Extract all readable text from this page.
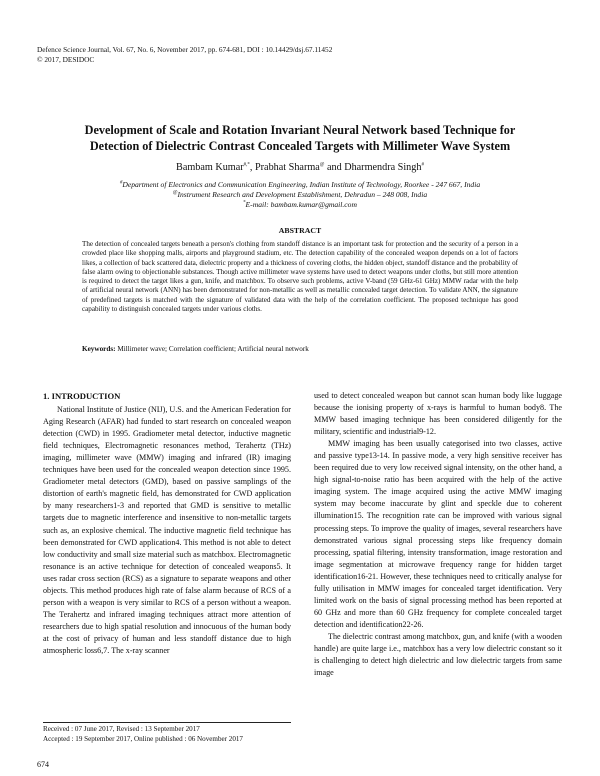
Defence Science Journal, Vol. 67, No. 6, November 2017, pp. 674-681, DOI : 10.14429/dsj.67.11452
© 2017, DESIDOC
Development of Scale and Rotation Invariant Neural Network based Technique for
Detection of Dielectric Contrast Concealed Targets with Millimeter Wave System
Bambam Kumar#,*, Prabhat Sharma@ and Dharmendra Singh#
#Department of Electronics and Communication Engineering, Indian Institute of Technology, Roorkee - 247 667, India
@Instrument Research and Development Establishment, Dehradun – 248 008, India
*E-mail: bambam.kumar@gmail.com
ABSTRACT
The detection of concealed targets beneath a person's clothing from standoff distance is an important task for protection and the security of a person in a crowded place like shopping malls, airports and playground stadium, etc. The detection capability of the concealed weapon depends on a lot of factors likes, a collection of back scattered data, dielectric property and a thickness of covering cloths, the hidden object, standoff distance and the probability of false alarm owing to objectionable substances. Though active millimeter wave systems have used to detect weapons under cloths, but still more attention is required to detect the target likes a gun, knife, and matchbox. To observe such problems, active V-band (59 GHz-61 GHz) MMW radar with the help of artificial neural network (ANN) has been demonstrated for non-metallic as well as metallic concealed target detection. To validate ANN, the signature of predefined targets is matched with the signature of validated data with the help of the correlation coefficient. The proposed technique has good capability to distinguish concealed targets under various cloths.
Keywords: Millimeter wave; Correlation coefficient; Artificial neural network
1. INTRODUCTION

National Institute of Justice (NIJ), U.S. and the American Federation for Aging Research (AFAR) had funded to start research on concealed weapon detection (CWD) in 1995. Gradiometer metal detector, inductive magnetic field techniques, Electromagnetic resonances method, Terahertz (THz) imaging, millimeter wave (MMW) imaging and infrared (IR) imaging techniques have been used for the concealed weapon detection since 1995. Gradiometer metal detectors (GMD), based on passive samplings of the distortion of earth's magnetic field, has demonstrated for CWD application by many researchers1-3 and reported that GMD is sensitive to metallic targets due to magnetic interference and insensitive to non-metallic targets such as, an explosive chemical. The inductive magnetic field technique has been demonstrated for CWD application4. This method is not able to detect low conductivity and small size material such as matchbox. Electromagnetic resonance is an active technique for detection of concealed weapons5. It uses radar cross section (RCS) as a signature to separate weapons and other objects. This method produces high rate of false alarm because of RCS of a person with a weapon is very similar to RCS of a person without a weapon. The Terahertz and infrared imaging techniques attract more attention of researchers due to high spatial resolution and innocuous of the human body at the cost of privacy of human and less standoff distance due to high atmospheric loss6,7. The x-ray scanner

used to detect concealed weapon but cannot scan human body like luggage because the ionising property of x-rays is harmful to human body8. The MMW based imaging technique has been considered diligently for the military, scientific and industrial9-12.

MMW imaging has been usually categorised into two classes, active and passive type13-14. In passive mode, a very high sensitive receiver has been required due to very low received signal intensity, on the other hand, a high signal-to-noise ratio has been acquired with the help of the active imaging system. The image acquired using the active MMW imaging system may become inaccurate by glint and speckle due to coherent illumination15. The recognition rate can be improved with various signal processing steps. To improve the quality of images, several researchers have demonstrated various signal processing steps like frequency domain processing, spatial filtering, intensity transformation, image restoration and image segmentation at microwave frequency range for hidden target identification16-21. However, these techniques need to critically analyse for fully utilisation in MMW images for concealed target identification. Very limited work on the basis of signal processing method has been reported at 60 GHz and more than 60 GHz frequency for complete concealed target detection and identification22-26.

The dielectric contrast among matchbox, gun, and knife (with a wooden handle) are quite large i.e., matchbox has a very low dielectric constant so it is challenging to detect high dielectric and low dielectric targets from same image

Received : 07 June 2017, Revised : 13 September 2017
Accepted : 19 September 2017, Online published : 06 November 2017
674
